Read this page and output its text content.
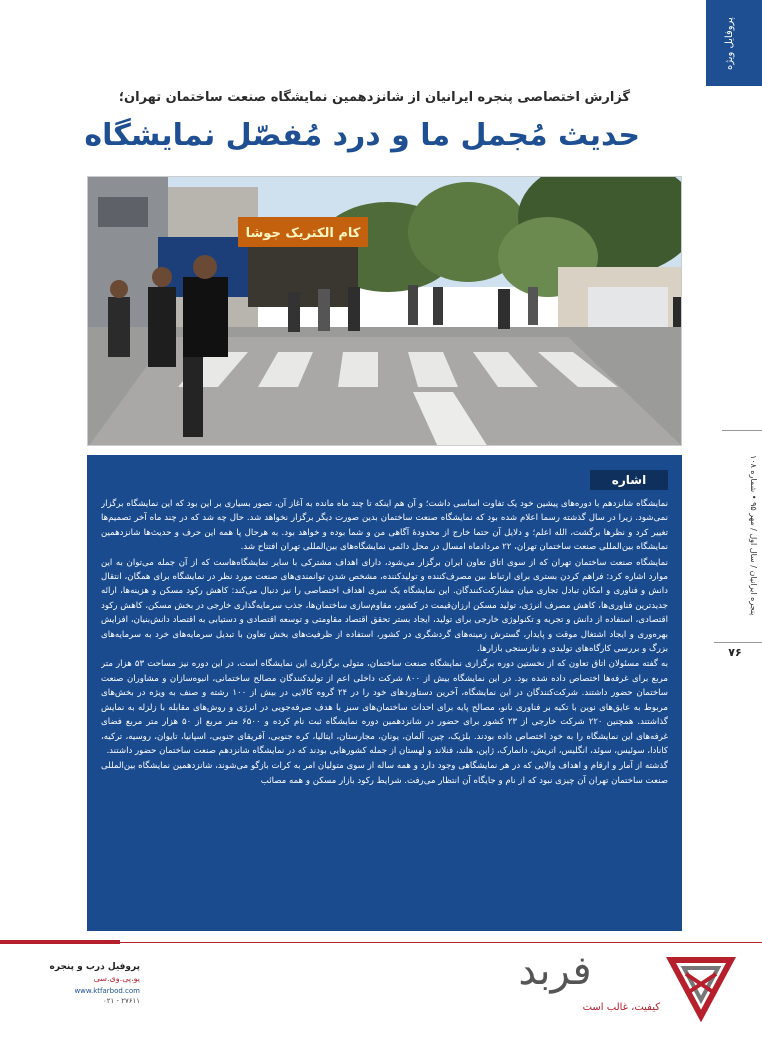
پروفایل ویژه
پنجره ایرانیان / سال اول / مهر ۹۵ • شماره ۱۰۸
۷۶
گزارش اختصاصی پنجره ایرانیان از شانزدهمین نمایشگاه صنعت ساختمان تهران؛
حدیث مُجمل ما و درد مُفصّل نمایشگاه
کام الکتریک جوشا
اشاره

نمایشگاه شانزدهم با دوره‌های پیشین خود یک تفاوت اساسی داشت؛ و آن هم اینکه تا چند ماه مانده به آغاز آن، تصور بسیاری بر این بود که این نمایشگاه برگزار نمی‌شود. زیرا در سال گذشته رسما اعلام شده بود که نمایشگاه صنعت ساختمان بدین صورت دیگر برگزار نخواهد شد. حال چه شد که در چند ماه آخر تصمیم‌ها تغییر کرد و نظرها برگشت، الله اعلم؛ و دلایل آن حتما خارج از محدودهٔ آگاهی من و شما بوده و خواهد بود. به هرحال پا همه این حرف و حدیث‌ها شانزدهمین نمایشگاه بین‌المللی صنعت ساختمان تهران، ۲۲ مردادماه امسال در محل دائمی نمایشگاه‌های بین‌المللی تهران افتتاح شد.

نمایشگاه صنعت ساختمان تهران که از سوی اتاق تعاون ایران برگزار می‌شود، دارای اهداف مشترکی با سایر نمایشگاه‌هاست که از آن جمله می‌توان به این موارد اشاره کرد: فراهم کردن بستری برای ارتباط بین مصرف‌کننده و تولیدکننده، مشخص شدن توانمندی‌های صنعت مورد نظر در نمایشگاه برای همگان، انتقال دانش و فناوری و امکان تبادل تجاری میان مشارکت‌کنندگان. این نمایشگاه یک سری اهداف اختصاصی را نیز دنبال می‌کند: کاهش رکود مسکن و هزینه‌ها، ارائه جدیدترین فناوری‌ها، کاهش مصرف انرژی، تولید مسکن ارزان‌قیمت در کشور، مقاوم‌سازی ساختمان‌ها، جذب سرمایه‌گذاری خارجی در بخش مسکن، کاهش رکود اقتصادی، استفاده از دانش و تجربه و تکنولوژی خارجی برای تولید، ایجاد بستر تحقق اقتصاد مقاومتی و توسعه اقتصادی و دستیابی به اقتصاد دانش‌بنیان، افزایش بهره‌وری و ایجاد اشتغال موقت و پایدار، گسترش زمینه‌های گردشگری در کشور، استفاده از ظرفیت‌های بخش تعاون با تبدیل سرمایه‌های خرد به سرمایه‌های بزرگ و بررسی کارگاه‌های تولیدی و نیازسنجی بازارها.

به گفته مسئولان اتاق تعاون که از نخستین دوره برگزاری نمایشگاه صنعت ساختمان، متولی برگزاری این نمایشگاه است، در این دوره نیز مساحت ۵۳ هزار متر مربع برای غرفه‌ها اختصاص داده شده بود. در این نمایشگاه بیش از ۸۰۰ شرکت داخلی اعم از تولیدکنندگان مصالح ساختمانی، انبوه‌سازان و مشاوران صنعت ساختمان حضور داشتند. شرکت‌کنندگان در این نمایشگاه، آخرین دستاوردهای خود را در ۲۴ گروه کالایی در بیش از ۱۰۰ رشته و صنف به ویژه در بخش‌های مربوط به عایق‌های نوین با تکیه بر فناوری نانو، مصالح پایه برای احداث ساختمان‌های سبز با هدف صرفه‌جویی در انرژی و روش‌های مقابله با زلزله به نمایش گذاشتند. همچنین ۲۲۰ شرکت خارجی از ۲۳ کشور برای حضور در شانزدهمین دوره نمایشگاه ثبت نام کرده و ۶۵۰۰ متر مربع از ۵۰ هزار متر مربع فضای غرفه‌های این نمایشگاه را به خود اختصاص داده بودند. بلژیک، چین، آلمان، یونان، مجارستان، ایتالیا، کره جنوبی، آفریقای جنوبی، اسپانیا، تایوان، روسیه، ترکیه، کانادا، سوئیس، سوئد، انگلیس، اتریش، دانمارک، ژاپن، هلند، فنلاند و لهستان از جمله کشورهایی بودند که در نمایشگاه شانزدهم صنعت ساختمان حضور داشتند.

گذشته از آمار و ارقام و اهداف والایی که در هر نمایشگاهی وجود دارد و همه ساله از سوی متولیان امر به کرات بازگو می‌شوند، شانزدهمین نمایشگاه بین‌المللی صنعت ساختمان تهران آن چیزی نبود که از نام و جایگاه آن انتظار می‌رفت. شرایط رکود بازار مسکن و همه مصائب

پروفیل درب و پنجره
یو.پی.وی.سی
www.ktfarbod.com
۰۲۱ - ۲۷۶۱۱
فربد
کیفیت، غالب است
